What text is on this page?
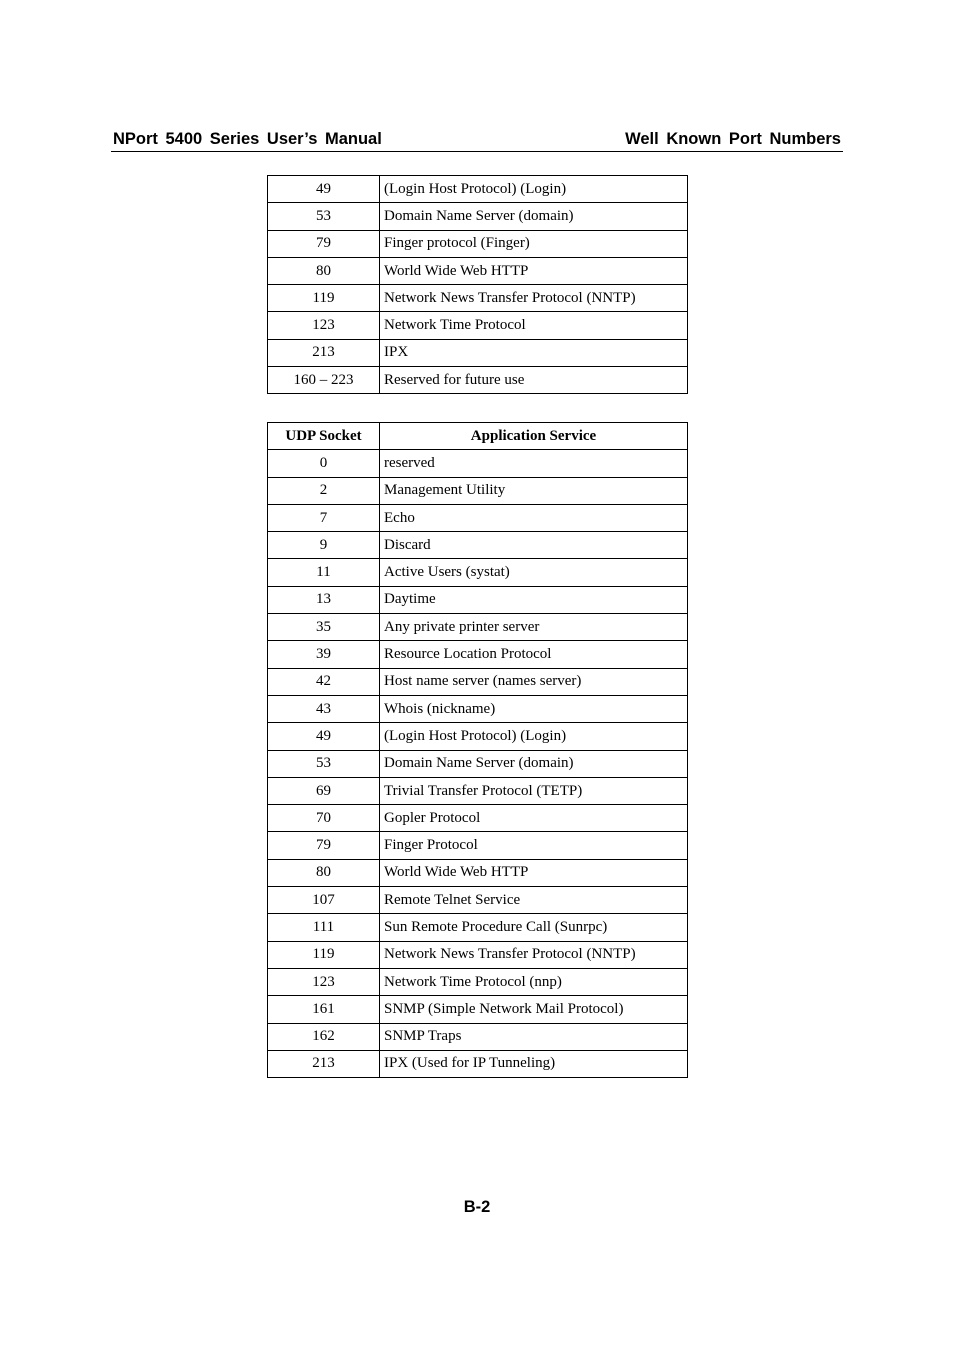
NPort 5400 Series User’s Manual	Well Known Port Numbers
49	(Login Host Protocol) (Login)
53	Domain Name Server (domain)
79	Finger protocol (Finger)
80	World Wide Web HTTP
119	Network News Transfer Protocol (NNTP)
123	Network Time Protocol
213	IPX
160 – 223	Reserved for future use
UDP Socket	Application Service
0	reserved
2	Management Utility
7	Echo
9	Discard
11	Active Users (systat)
13	Daytime
35	Any private printer server
39	Resource Location Protocol
42	Host name server (names server)
43	Whois (nickname)
49	(Login Host Protocol) (Login)
53	Domain Name Server (domain)
69	Trivial Transfer Protocol (TETP)
70	Gopler Protocol
79	Finger Protocol
80	World Wide Web HTTP
107	Remote Telnet Service
111	Sun Remote Procedure Call (Sunrpc)
119	Network News Transfer Protocol (NNTP)
123	Network Time Protocol (nnp)
161	SNMP (Simple Network Mail Protocol)
162	SNMP Traps
213	IPX (Used for IP Tunneling)
B-2
